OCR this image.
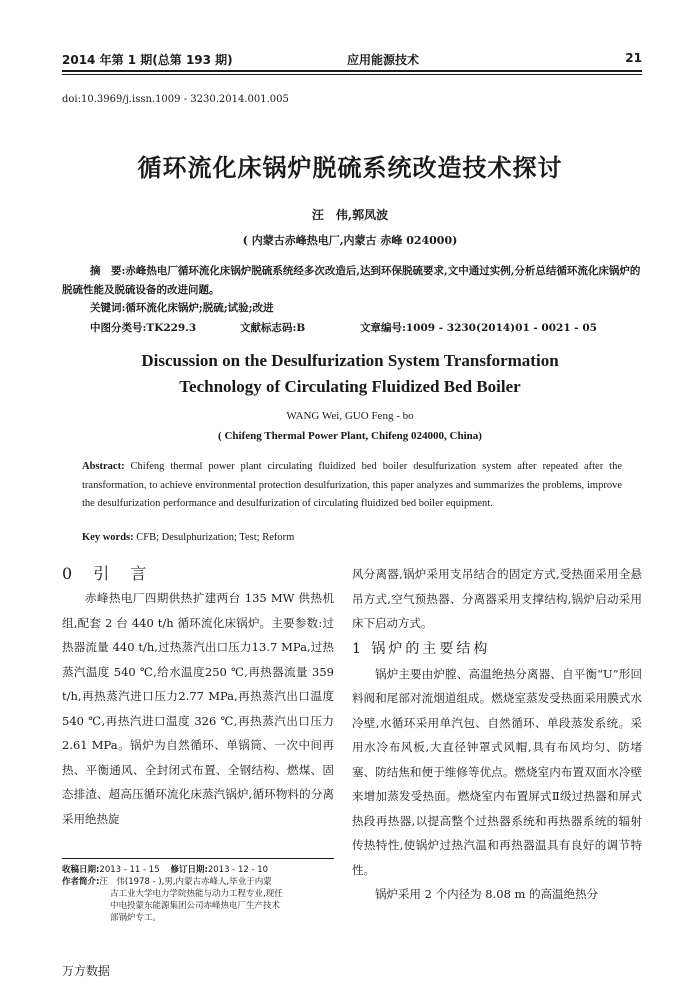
2014 年第 1 期(总第 193 期)	应用能源技术	21
doi:10.3969/j.issn.1009 - 3230.2014.001.005
循环流化床锅炉脱硫系统改造技术探讨
汪　伟,郭凤波
( 内蒙古赤峰热电厂,内蒙古 赤峰 024000)
摘　要:赤峰热电厂循环流化床锅炉脱硫系统经多次改造后,达到环保脱硫要求,文中通过实例,分析总结循环流化床锅炉的脱硫性能及脱硫设备的改进问题。
关键词:循环流化床锅炉;脱硫;试验;改进
中图分类号:TK229.3	文献标志码:B	文章编号:1009 - 3230(2014)01 - 0021 - 05
Discussion on the Desulfurization System Transformation
Technology of Circulating Fluidized Bed Boiler
WANG Wei, GUO Feng - bo
( Chifeng Thermal Power Plant, Chifeng 024000, China)
Abstract: Chifeng thermal power plant circulating fluidized bed boiler desulfurization system after repeated after the transformation, to achieve environmental protection desulfurization, this paper analyzes and summarizes the problems, improve the desulfurization performance and desulfurization of circulating fluidized bed boiler equipment.
Key words: CFB; Desulphurization; Test; Reform

0 引 言

赤峰热电厂四期供热扩建两台 135 MW 供热机组,配套 2 台 440 t/h 循环流化床锅炉。主要参数:过热器流量 440 t/h,过热蒸汽出口压力13.7 MPa,过热蒸汽温度 540 ℃,给水温度250 ℃,再热器流量 359 t/h,再热蒸汽进口压力2.77 MPa,再热蒸汽出口温度 540 ℃,再热汽进口温度 326 ℃,再热蒸汽出口压力 2.61 MPa。锅炉为自然循环、单锅筒、一次中间再热、平衡通风、全封闭式布置、全钢结构、燃煤、固态排渣、超高压循环流化床蒸汽锅炉,循环物料的分离采用绝热旋

风分离器,锅炉采用支吊结合的固定方式,受热面采用全悬吊方式,空气预热器、分离器采用支撑结构,锅炉启动采用床下启动方式。

1 锅炉的主要结构

锅炉主要由炉膛、高温绝热分离器、自平衡“U”形回料阀和尾部对流烟道组成。燃烧室蒸发受热面采用膜式水冷壁,水循环采用单汽包、自然循环、单段蒸发系统。采用水冷布风板,大直径钟罩式风帽,具有布风均匀、防堵塞、防结焦和便于维修等优点。燃烧室内布置双面水冷壁来增加蒸发受热面。燃烧室内布置屏式Ⅱ级过热器和屏式热段再热器,以提高整个过热器系统和再热器系统的辐射传热特性,使锅炉过热汽温和再热器温具有良好的调节特性。

锅炉采用 2 个内径为 8.08 m 的高温绝热分

收稿日期:2013 - 11 - 15 修订日期:2013 - 12 - 10
作者简介:汪　伟(1978 - ),男,内蒙古赤峰人,毕业于内蒙
古工业大学电力学院热能与动力工程专业,现任
中电投蒙东能源集团公司赤峰热电厂生产技术
部锅炉专工。
万方数据
